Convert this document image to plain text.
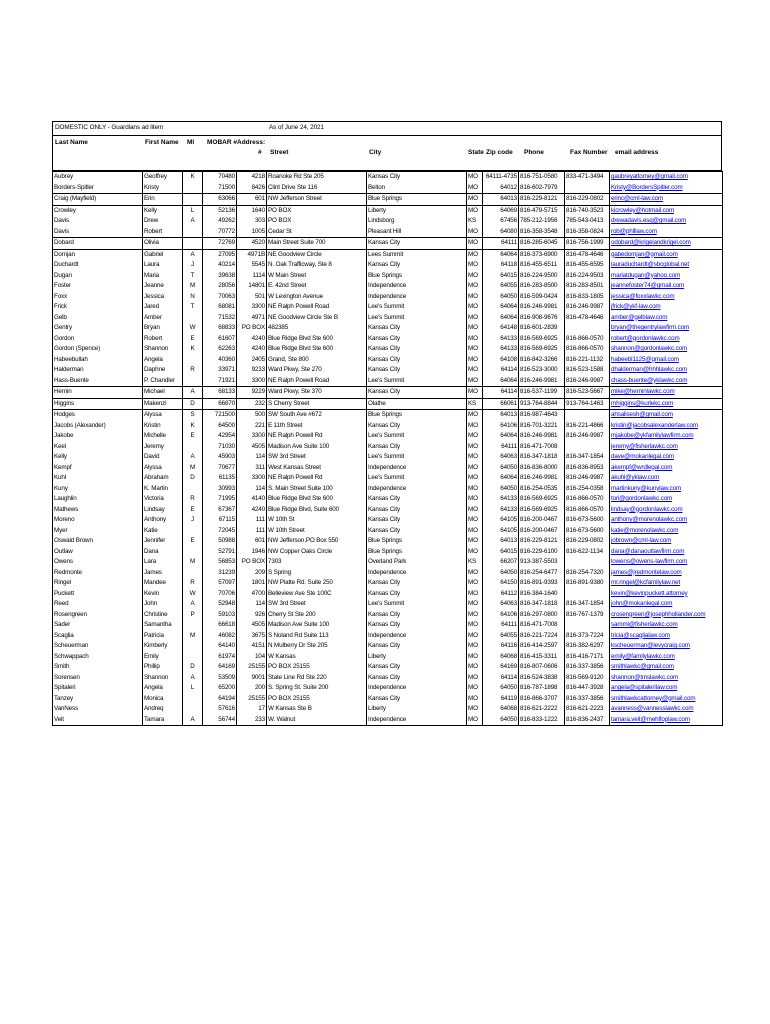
DOMESTIC ONLY - Guardians ad litem	As of June 24, 2021
Last Name	First Name MI MOBAR # Address:
# Street	City	State Zip code Phone	Fax Number email address
Aubrey	Geoffrey	K	70480	4218	Roanoke Rd Ste 205	Kansas City	MO	64111-4735	816-751-0580	833-471-3494	gaubreyattorney@gmail.com
Borders-Spitler	Kristy		71500	8426	Clint Drive Ste 116	Belton	MO	64012	816-602-7979		Kristy@BordersSpitler.com
Craig (Mayfield)	Erin		63066	601	NW Jefferson Street	Blue Springs	MO	64013	816-229-8121	816-229-0802	erinc@cml-law.com
Crowley	Kelly	L	52136	1640	PO BOX	Liberty	MO	64069	816-479-5715	816-740-3523	kicrowley@hotmail.com
Davis	Drew	A	49262	303	PO BOX	Lindsborg	KS	67456	785-212-1956	785-543-0413	drewadavis.esq@gmail.com
Davis	Robert		70772	1005	Cedar St	Pleasant Hill	MO	64080	816-358-3548	816-358-0824	rob@phlllaw.com
Dobard	Olivia		72769	4520	Main Street Suite 700	Kansas City	MO	64111	816-285-6045	816-756-1999	odobard@krigelandkrigel.com
Domjan	Gabriel	A	27095	4971B	NE Goodview Circle	Lees Summit	MO	64064	816-373-6900	816-478-4646	gabedomjan@gmail.com
Duchardt	Laura	J	40214	5545	N. Oak Trafficway, Ste 8	Kansas City	MO	64118	816-455-6511	816-455-6595	lauraduchardt@sbcglobal.net
Dugan	Maria	T	39638	1114	W Main Street	Blue Springs	MO	64015	816-224-9500	816-224-9503	mariatdugan@yahoo.com
Foster	Jeanne	M	28056	14801	E. 42nd Street	Independence	MO	64055	816-283-8500	816-283-8501	jeannefoster74@gmail.com
Foxx	Jessica	N	70063	501	W Lexington Avenue	Independence	MO	64050	816-599-0424	816-833-1805	jessica@foxxlawkc.com
Frick	Jared	T	68081	3300	NE Ralph Powell Road	Lee's Summit	MO	64064	816-246-9981	816-246-9987	jfrick@ykf-law.com
Gelb	Amber		71532	4971	NE Goodview Circle Ste B	Lee's Summit	MO	64064	816-908-9676	816-478-4646	amber@gelblaw.com
Gentry	Bryan	W	68833	PO BOX	482385	Kansas City	MO	64148	816-601-2839		bryan@thegentrylawfirm.com
Gordon	Robert	E	61607	4240	Blue Ridge Blvd Ste 600	Kansas City	MO	64133	816-569-6925	816-866-0570	robert@gordonlawkc.com
Gordon (Spence)	Shannon	K	62263	4240	Blue Ridge Blvd Ste 600	Kansas City	MO	64133	816-569-6925	816-866-0570	shannon@gordonlawkc.com
Habeebullah	Angela		40360	2405	Grand, Ste 800	Kansas City	MO	64108	816-842-3266	816-221-1132	habeebl1125@gmail.com
Halderman	Daphne	R	33971	9233	Ward Pkwy, Ste 270	Kansas City	MO	64114	816-523-3000	816-523-1588	dhalderman@hhhlawkc.com
Hass-Buente	P. Chandler		71921	3300	NE Ralph Powell Road	Lee's Summit	MO	64064	816-246-9981	816-246-9987	chass-buente@yklawkc.com
Hernin	Michael	A	68133	9229	Ward Pkwy, Ste 370	Kansas City	MO	64114	816-537-1199	816-523-5667	mike@herninlawkc.com
Higgins	Makenzi	D	66870	232	S Cherry Street	Olathe	KS	66061	913-764-8844	913-764-1463	mhiggins@kurlekc.com
Hodges	Alyssa	S	721500	500	SW South Ave #672	Blue Springs	MO	64013	816-987-4643		ahsalisesh@gmail.com
Jacobs (Alexander)	Kristin	K	64500	221	E 11th Street	Kansas City	MO	64106	816-701-3221	816-221-4866	kristin@jacobsalexanderlaw.com
Jakobe	Michelle	E	42954	3300	NE Ralph Powell Rd	Lee's Summit	MO	64064	816-246-9981	816-246-9987	mjakobe@ykfamilylawfirm.com
Keel	Jeremy		71030	4505	Madison Ave Suite 100	Kansas City	MO	64111	816-471-7008		jeremy@fisherlawkc.com
Kelly	David	A	45903	114	SW 3rd Street	Lee's Summit	MO	64063	816-347-1818	816-347-1854	dave@mokanlegal.com
Kempf	Alyssa	M	70677	311	West Kansas Street	Independence	MO	64050	816-836-8000	816-836-8953	akempf@wrdlegal.com
Kuhl	Abraham	D	61135	3300	NE Ralph Powell Rd	Lee's Summit	MO	64064	816-246-9981	816-246-9987	akuhl@yklaw.com
Kuny	K. Martin		30993	114	S. Main Street Suite 100	Independence	MO	64050	816-254-0535	816-254-0358	martinkuny@kunylaw.com
Laughlin	Victoria	R	71995	4140	Blue Ridge Blvd Ste 600	Kansas City	MO	64133	816-569-6925	816-866-0570	tori@gordonlawkc.com
Mathews	Lindsay	E	67367	4240	Blue Ridge Blvd, Suite 600	Kansas City	MO	64133	816-569-6925	816-866-0570	lindsay@gordonlawkc.com
Moreno	Anthony	J	67115	111	W 10th St	Kansas City	MO	64105	816-200-0467	816-673-5600	anthony@morenolawkc.com
Myer	Katie		72045	111	W 10th Street	Kansas City	MO	64105	816-200-0467	816-673-5600	katie@morenolawkc.com
Oswald Brown	Jennifer	E	50988	601	NW Jefferson,PO Box 550	Blue Springs	MO	64013	816-229-8121	816-229-0802	jobrown@cml-law.com
Outlaw	Dana		52791	1946	NW Copper Oaks Circle	Blue Springs	MO	64015	816-229-6100	816-622-1134	dana@danaoutlawfirm.com
Owens	Lara	M	56853	PO BOX	7303	Overland Park	KS	66207	913-387-5503		lowens@owens-lawfirm.com
Redmonte	James		31239	209	S Spring	Independence	MO	64050	816-254-6477	816-254-7320	james@jredmontelaw.com
Ringel	Mandee	R	57097	1801	NW Platte Rd. Suite 250	Kansas City	MO	64150	816-891-9393	816-891-9380	mr.ringel@kcfamilylaw.net
Puckett	Kevin	W	70706	4700	Belleview Ave Ste 100C	Kansas City	MO	64112	816-384-1640		kevin@kevinpuckett.attorney
Reed	John	A	52948	114	SW 3rd Street	Lee's Summit	MO	64063	816-347-1818	816-347-1854	john@mokanlegal.com
Rosengreen	Christine	P	59103	926	Cherry St Ste 200	Kansas City	MO	64106	816-297-0800	816-767-1379	crosengreen@josephhollander.com
Sader	Samantha		66618	4505	Madison Ave Suite 100	Kansas City	MO	64111	816-471-7008		sammi@fisherlawkc.com
Scaglia	Patricia	M	46082	3675	S Noland Rd Suite 113	Independence	MO	64055	816-221-7224	816-373-7224	tricia@scaglialaw.com
Scheuerman	Kimberly		64140	4151	N Mulberry Dr Ste 205	Kansas City	MO	64116	816-414-2597	816-382-6297	kscheuerman@levycraig.com
Schwappach	Emily		61974	104	W Kansas	Liberty	MO	64068	816-415-3311	816-416-7171	emily@familylawkc.com
Smith	Phillip	D	64169	25155	PO BOX 25155	Kansas City	MO	64169	816-807-0606	816-337-3856	smithlawkc@gmail.com
Sorensen	Shannon	A	53509	9001	State Line Rd Ste 220	Kansas City	MO	64114	816-524-3838	816-569-9120	shannon@tmslawkc.com
Spitaleri	Angela	L	65200	200	S. Spring St. Suite 200	Independence	MO	64050	816-787-1898	816-447-3928	angela@spitalerilaw.com
Tanzey	Monica		64194	25155	PO BOX 25155	Kansas City	MO	64119	816-866-3707	816-337-3856	smithlawkcattorney@gmail.com
VanNess	Andreq		57616	17	W Kansas Ste B	Liberty	MO	64068	816-621-2222	816-621-2223	avanness@vannesslawkc.com
Veit	Tamara	A	56744	233	W. Walnut	Independence	MO	64050	816-833-1222	816-836-2437	tamara.veit@mehlfoplaw.com
